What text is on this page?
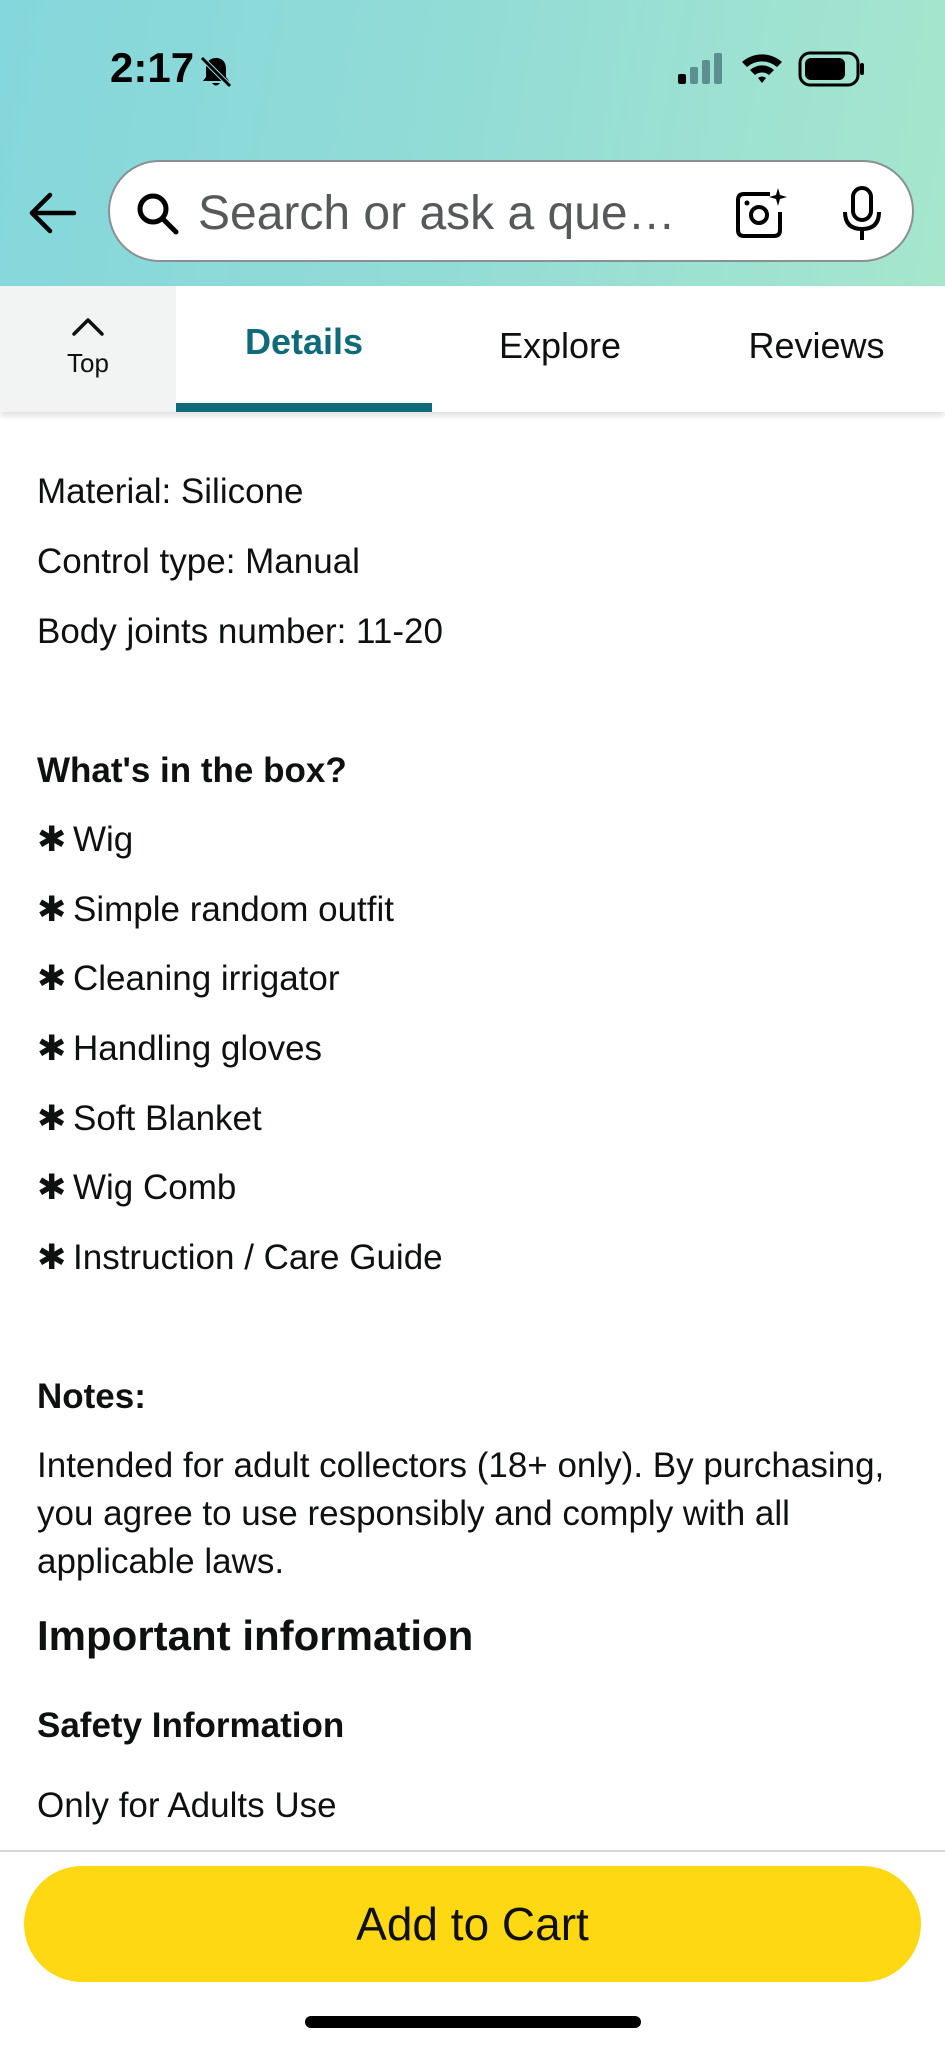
2:17
Search or ask a que…
Top
Details	Explore	Reviews
Material: Silicone
Control type: Manual
Body joints number: 11-20
What's in the box?
✱ Wig
✱ Simple random outfit
✱ Cleaning irrigator
✱ Handling gloves
✱ Soft Blanket
✱ Wig Comb
✱ Instruction / Care Guide
Notes:
Intended for adult collectors (18+ only). By purchasing, you agree to use responsibly and comply with all applicable laws.
Important information
Safety Information
Only for Adults Use
Add to Cart
